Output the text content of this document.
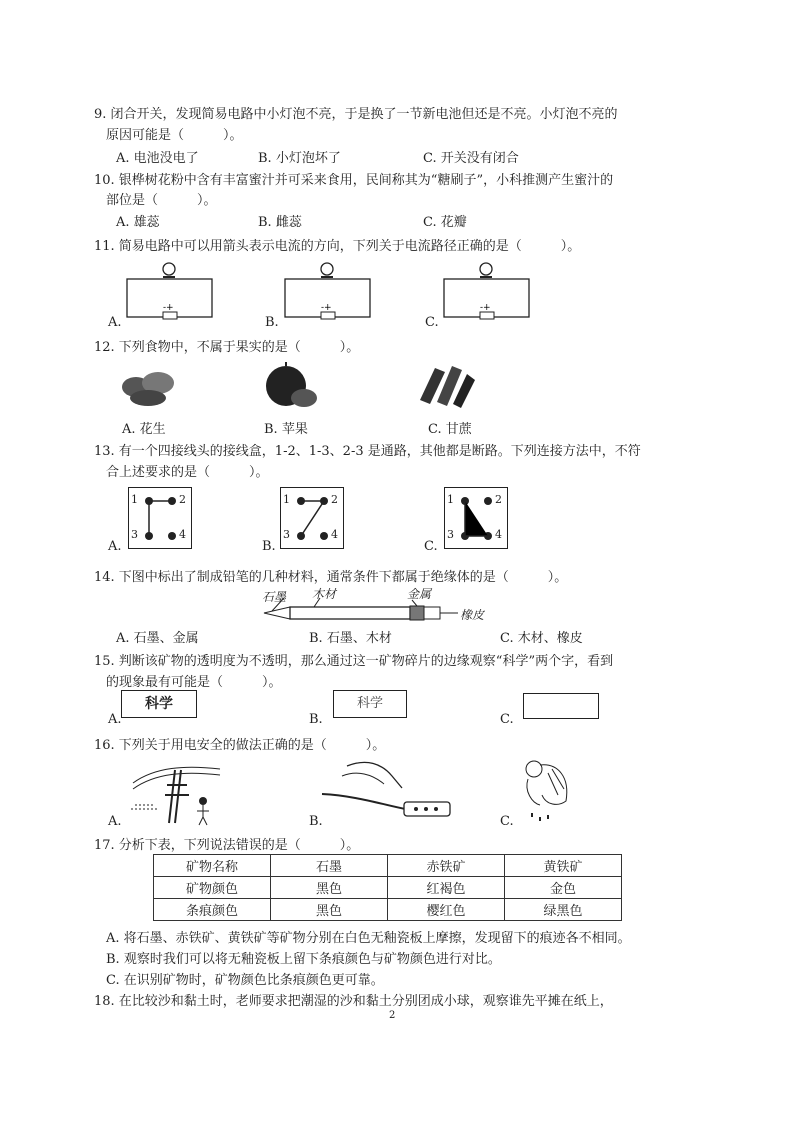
9. 闭合开关，发现简易电路中小灯泡不亮，于是换了一节新电池但还是不亮。小灯泡不亮的
原因可能是（　　　）。
A. 电池没电了	B. 小灯泡坏了	C. 开关没有闭合
10. 银桦树花粉中含有丰富蜜汁并可采来食用，民间称其为“糖刷子”，小科推测产生蜜汁的
部位是（　　　）。
A. 雄蕊	B. 雌蕊	C. 花瓣
11. 简易电路中可以用箭头表示电流的方向，下列关于电流路径正确的是（　　　）。
-+
A.
-+
B.
-+
C.
12. 下列食物中，不属于果实的是（　　　）。
A. 花生	B. 苹果	C. 甘蔗
13. 有一个四接线头的接线盒，1-2、1-3、2-3 是通路，其他都是断路。下列连接方法中，不符
合上述要求的是（　　　）。
1	2
3	4
A.
1	2
3	4
B.
1	2
3	4
C.
14. 下图中标出了制成铅笔的几种材料，通常条件下都属于绝缘体的是（　　　）。
石墨 木材	金属
橡皮
A. 石墨、金属	B. 石墨、木材	C. 木材、橡皮
15. 判断该矿物的透明度为不透明，那么通过这一矿物碎片的边缘观察“科学”两个字，看到
的现象最有可能是（　　　）。
A.
科学
B.
科学
C.
16. 下列关于用电安全的做法正确的是（　　　）。
A.	B.	C.
17. 分析下表，下列说法错误的是（　　　）。
矿物名称	石墨	赤铁矿	黄铁矿
矿物颜色	黑色	红褐色	金色
条痕颜色	黑色	樱红色	绿黑色
A. 将石墨、赤铁矿、黄铁矿等矿物分别在白色无釉瓷板上摩擦，发现留下的痕迹各不相同。
B. 观察时我们可以将无釉瓷板上留下条痕颜色与矿物颜色进行对比。
C. 在识别矿物时，矿物颜色比条痕颜色更可靠。
18. 在比较沙和黏土时，老师要求把潮湿的沙和黏土分别团成小球，观察谁先平摊在纸上，
2
